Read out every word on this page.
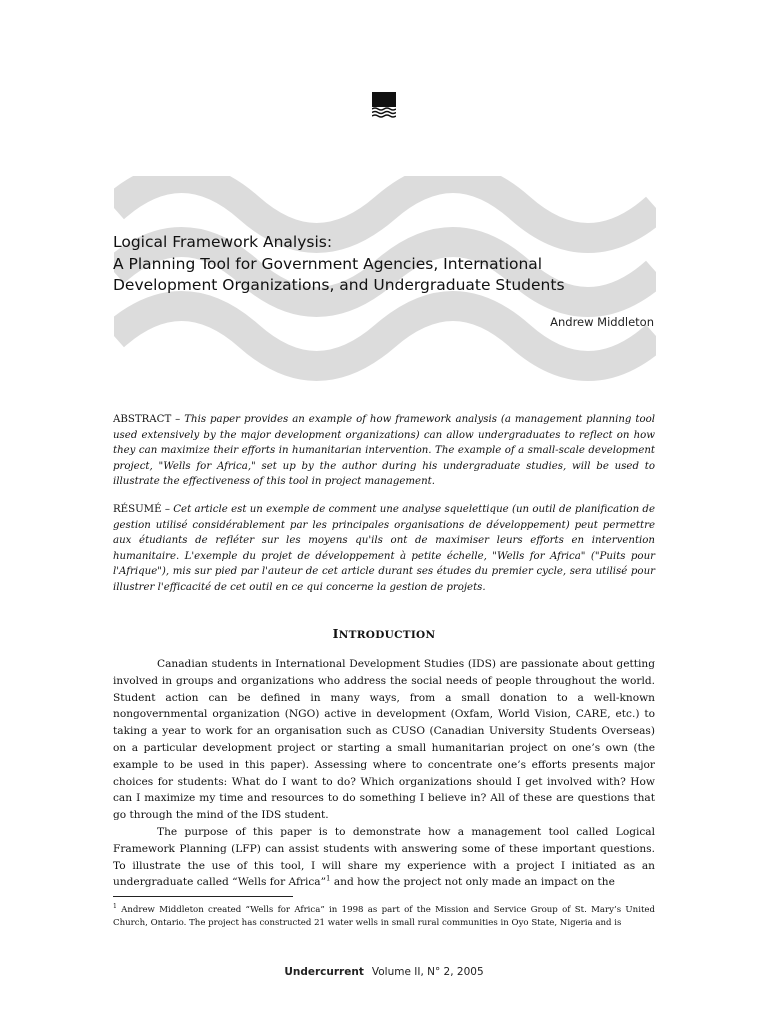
Logical Framework Analysis:
A Planning Tool for Government Agencies, International
Development Organizations, and Undergraduate Students
Andrew Middleton
ABSTRACT – This paper provides an example of how framework analysis (a management planning tool used extensively by the major development organizations) can allow undergraduates to reflect on how they can maximize their efforts in humanitarian intervention. The example of a small-scale development project, "Wells for Africa," set up by the author during his undergraduate studies, will be used to illustrate the effectiveness of this tool in project management.
RÉSUMÉ – Cet article est un exemple de comment une analyse squelettique (un outil de planification de gestion utilisé considérablement par les principales organisations de développement) peut permettre aux étudiants de refléter sur les moyens qu'ils ont de maximiser leurs efforts en intervention humanitaire. L'exemple du projet de développement à petite échelle, "Wells for Africa" ("Puits pour l'Afrique"), mis sur pied par l'auteur de cet article durant ses études du premier cycle, sera utilisé pour illustrer l'efficacité de cet outil en ce qui concerne la gestion de projets.
INTRODUCTION

Canadian students in International Development Studies (IDS) are passionate about getting involved in groups and organizations who address the social needs of people throughout the world. Student action can be defined in many ways, from a small donation to a well-known nongovernmental organization (NGO) active in development (Oxfam, World Vision, CARE, etc.) to taking a year to work for an organisation such as CUSO (Canadian University Students Overseas) on a particular development project or starting a small humanitarian project on one’s own (the example to be used in this paper). Assessing where to concentrate one’s efforts presents major choices for students: What do I want to do? Which organizations should I get involved with? How can I maximize my time and resources to do something I believe in? All of these are questions that go through the mind of the IDS student.

The purpose of this paper is to demonstrate how a management tool called Logical Framework Planning (LFP) can assist students with answering some of these important questions. To illustrate the use of this tool, I will share my experience with a project I initiated as an undergraduate called “Wells for Africa”$^1$ and how the project not only made an impact on the

$^1$ Andrew Middleton created “Wells for Africa” in 1998 as part of the Mission and Service Group of St. Mary’s United Church, Ontario. The project has constructed 21 water wells in small rural communities in Oyo State, Nigeria and is
Undercurrent Volume II, N° 2, 2005
